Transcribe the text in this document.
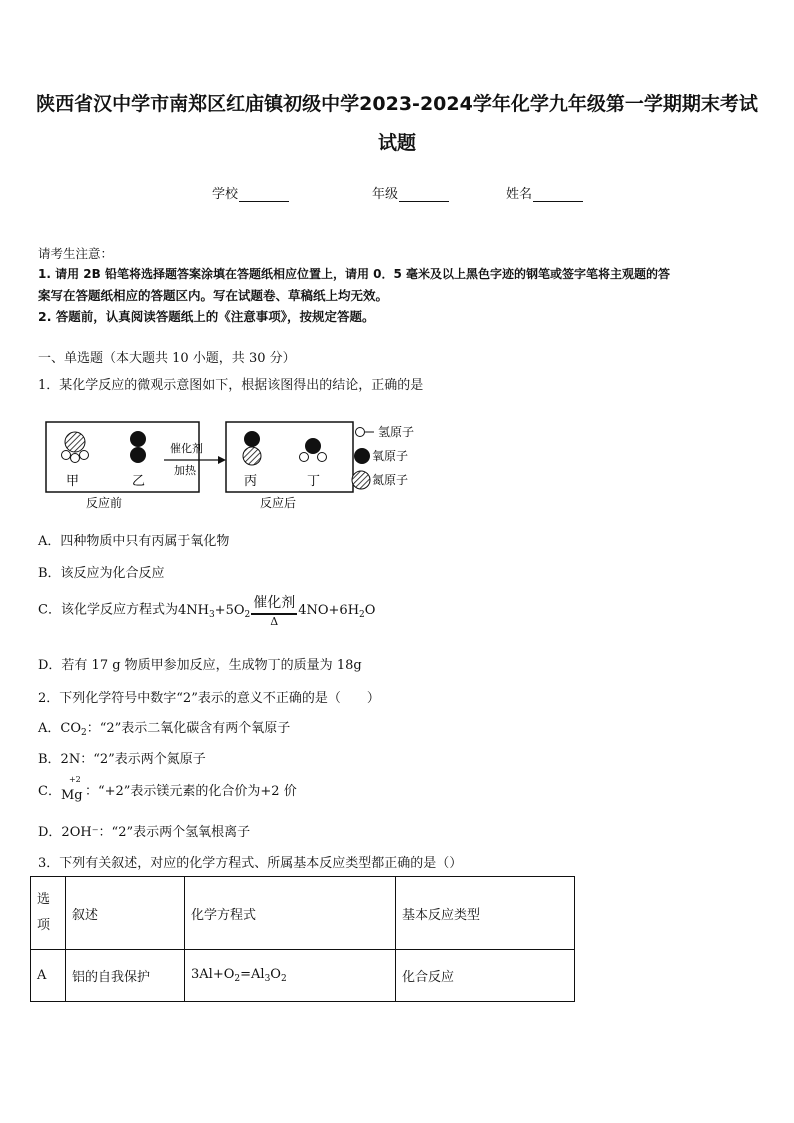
陕西省汉中学市南郑区红庙镇初级中学2023-2024学年化学九年级第一学期期末考试
试题
学校	年级	姓名
请考生注意：
1. 请用 2B 铅笔将选择题答案涂填在答题纸相应位置上，请用 0．5 毫米及以上黑色字迹的钢笔或签字笔将主观题的答
案写在答题纸相应的答题区内。写在试题卷、草稿纸上均无效。
2. 答题前，认真阅读答题纸上的《注意事项》，按规定答题。
一、单选题（本大题共 10 小题，共 30 分）
1．某化学反应的微观示意图如下，根据该图得出的结论，正确的是
甲	乙
反应前
催化剂
加热
丙	丁
反应后
氢原子
氧原子
氮原子
A．四种物质中只有丙属于氧化物
B．该反应为化合反应
C．该化学反应方程式为$4NH_3+5O_2 \frac{\text{催化剂}}{\Delta} 4NO+6H_2O$
D．若有 17 g 物质甲参加反应，生成物丁的质量为 18g
2．下列化学符号中数字“2”表示的意义不正确的是（　　）
A．$CO_2$：“2”表示二氧化碳含有两个氧原子
B．2N：“2”表示两个氮原子
C．
+2
Mg ：“+2”表示镁元素的化合价为+2 价
D．2OH⁻：“2”表示两个氢氧根离子
3．下列有关叙述，对应的化学方程式、所属基本反应类型都正确的是（）
选项	叙述	化学方程式	基本反应类型
A	铝的自我保护	$3Al+O_2=Al_3O_2$	化合反应
